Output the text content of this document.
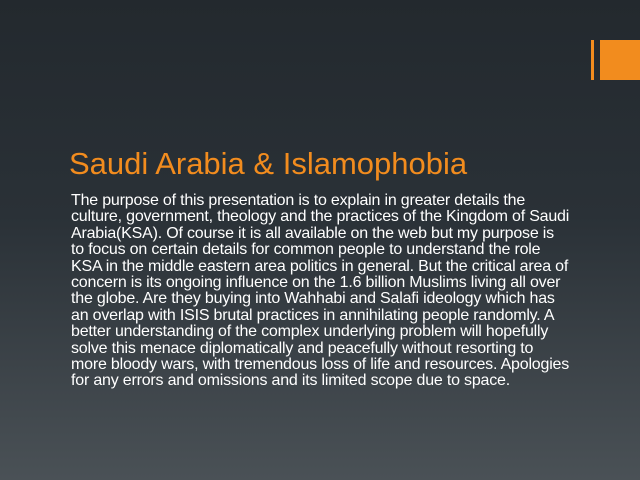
Saudi Arabia & Islamophobia

The purpose of this presentation is to explain in greater details the culture, government, theology and the practices of the Kingdom of Saudi Arabia(KSA). Of course it is all available on the web but my purpose is to focus on certain details for common people to understand the role KSA in the middle eastern area politics in general. But the critical area of concern is its ongoing influence on the 1.6 billion Muslims living all over the globe. Are they buying into Wahhabi and Salafi ideology which has an overlap with ISIS brutal practices in annihilating people randomly. A better understanding of the complex underlying problem will hopefully solve this menace diplomatically and peacefully without resorting to more bloody wars, with tremendous loss of life and resources. Apologies for any errors and omissions and its limited scope due to space.
